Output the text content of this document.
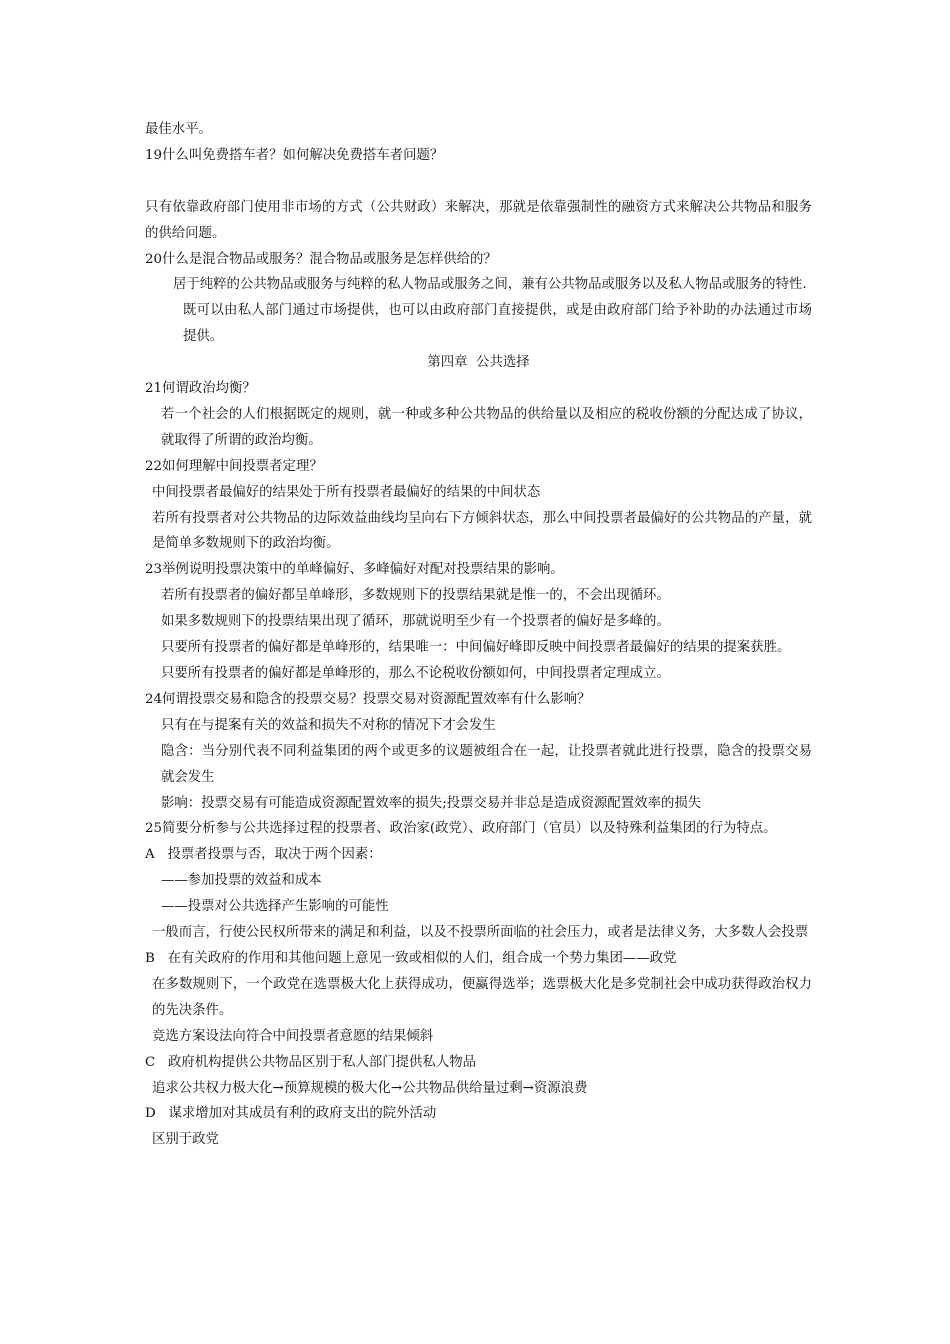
最佳水平。

19什么叫免费搭车者？如何解决免费搭车者问题？

只有依靠政府部门使用非市场的方式（公共财政）来解决，那就是依靠强制性的融资方式来解决公共物品和服务的供给问题。

20什么是混合物品或服务？混合物品或服务是怎样供给的？

居于纯粹的公共物品或服务与纯粹的私人物品或服务之间，兼有公共物品或服务以及私人物品或服务的特性.

既可以由私人部门通过市场提供，也可以由政府部门直接提供，或是由政府部门给予补助的办法通过市场提供。

第四章  公共选择

21何谓政治均衡？

若一个社会的人们根据既定的规则，就一种或多种公共物品的供给量以及相应的税收份额的分配达成了协议，就取得了所谓的政治均衡。

22如何理解中间投票者定理？

中间投票者最偏好的结果处于所有投票者最偏好的结果的中间状态

若所有投票者对公共物品的边际效益曲线均呈向右下方倾斜状态，那么中间投票者最偏好的公共物品的产量，就是简单多数规则下的政治均衡。

23举例说明投票决策中的单峰偏好、多峰偏好对配对投票结果的影响。

若所有投票者的偏好都呈单峰形，多数规则下的投票结果就是惟一的，不会出现循环。

如果多数规则下的投票结果出现了循环，那就说明至少有一个投票者的偏好是多峰的。

只要所有投票者的偏好都是单峰形的，结果唯一：中间偏好峰即反映中间投票者最偏好的结果的提案获胜。

只要所有投票者的偏好都是单峰形的，那么不论税收份额如何，中间投票者定理成立。

24何谓投票交易和隐含的投票交易？投票交易对资源配置效率有什么影响？

只有在与提案有关的效益和损失不对称的情况下才会发生

隐含：当分别代表不同利益集团的两个或更多的议题被组合在一起，让投票者就此进行投票，隐含的投票交易就会发生

影响：投票交易有可能造成资源配置效率的损失;投票交易并非总是造成资源配置效率的损失

25简要分析参与公共选择过程的投票者、政治家(政党）、政府部门（官员）以及特殊利益集团的行为特点。

A   投票者投票与否，取决于两个因素：

——参加投票的效益和成本

——投票对公共选择产生影响的可能性

一般而言，行使公民权所带来的满足和利益，以及不投票所面临的社会压力，或者是法律义务，大多数人会投票

B   在有关政府的作用和其他问题上意见一致或相似的人们，组合成一个势力集团——政党

在多数规则下，一个政党在选票极大化上获得成功，便赢得选举；选票极大化是多党制社会中成功获得政治权力的先决条件。

竞选方案设法向符合中间投票者意愿的结果倾斜

C   政府机构提供公共物品区别于私人部门提供私人物品

追求公共权力极大化→预算规模的极大化→公共物品供给量过剩→资源浪费

D   谋求增加对其成员有利的政府支出的院外活动

区别于政党
